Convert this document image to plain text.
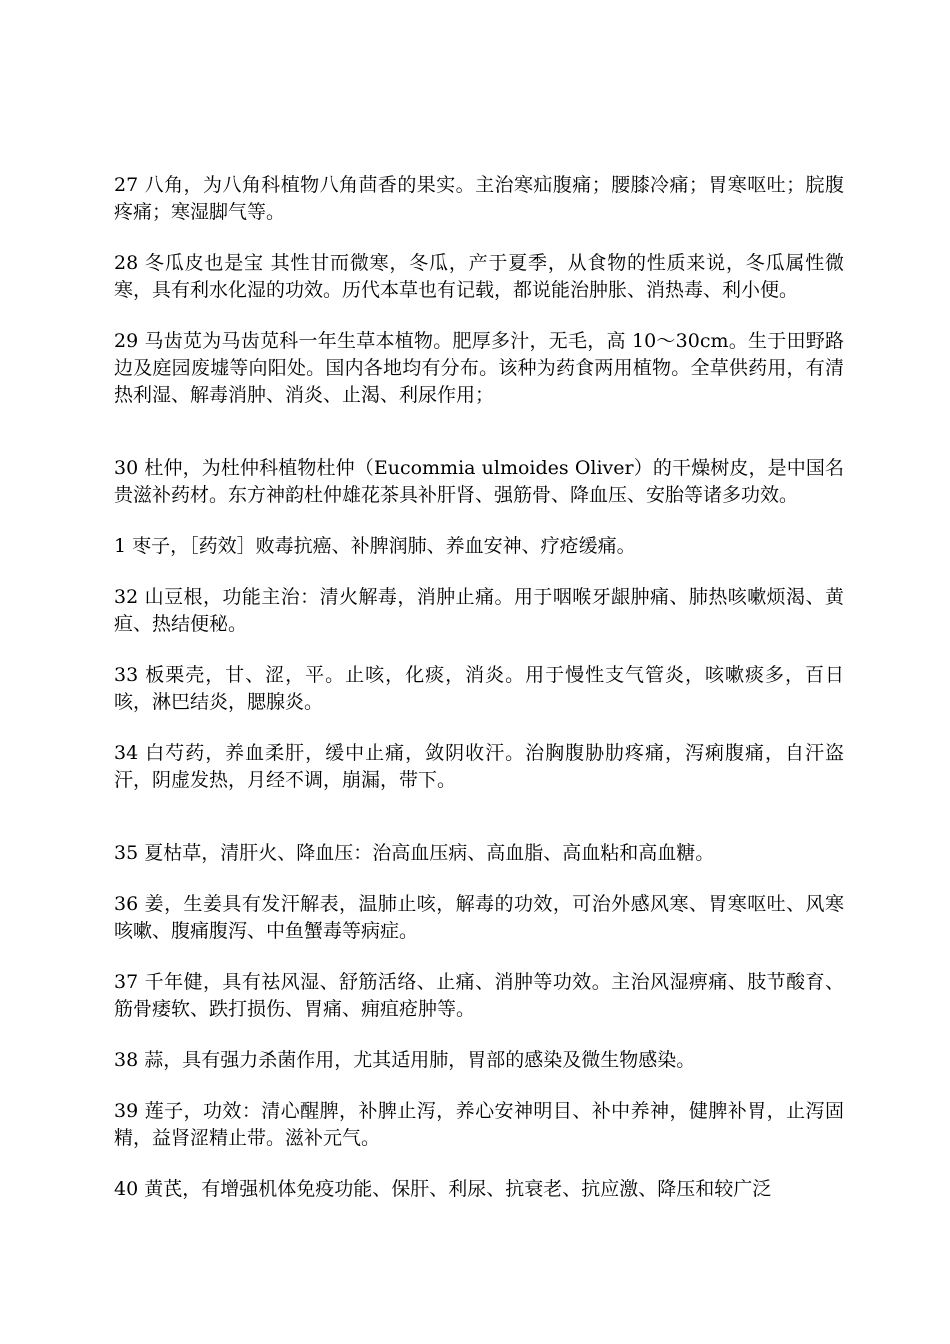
27 八角，为八角科植物八角茴香的果实。主治寒疝腹痛；腰膝冷痛；胃寒呕吐；脘腹疼痛；寒湿脚气等。

28 冬瓜皮也是宝 其性甘而微寒，冬瓜，产于夏季，从食物的性质来说，冬瓜属性微寒，具有利水化湿的功效。历代本草也有记载，都说能治肿胀、消热毒、利小便。

29 马齿苋为马齿苋科一年生草本植物。肥厚多汁，无毛，高 10～30cm。生于田野路边及庭园废墟等向阳处。国内各地均有分布。该种为药食两用植物。全草供药用，有清热利湿、解毒消肿、消炎、止渴、利尿作用；

30 杜仲，为杜仲科植物杜仲（Eucommia ulmoides Oliver）的干燥树皮，是中国名贵滋补药材。东方神韵杜仲雄花茶具补肝肾、强筋骨、降血压、安胎等诸多功效。

1 枣子，［药效］败毒抗癌、补脾润肺、养血安神、疗疮缓痛。

32 山豆根，功能主治：清火解毒，消肿止痛。用于咽喉牙龈肿痛、肺热咳嗽烦渴、黄疸、热结便秘。

33 板栗壳，甘、涩，平。止咳，化痰，消炎。用于慢性支气管炎，咳嗽痰多，百日咳，淋巴结炎，腮腺炎。

34 白芍药，养血柔肝，缓中止痛，敛阴收汗。治胸腹胁肋疼痛，泻痢腹痛，自汗盗汗，阴虚发热，月经不调，崩漏，带下。

35 夏枯草，清肝火、降血压：治高血压病、高血脂、高血粘和高血糖。

36 姜，生姜具有发汗解表，温肺止咳，解毒的功效，可治外感风寒、胃寒呕吐、风寒咳嗽、腹痛腹泻、中鱼蟹毒等病症。

37 千年健，具有祛风湿、舒筋活络、止痛、消肿等功效。主治风湿痹痛、肢节酸育、筋骨痿软、跌打损伤、胃痛、痈疽疮肿等。

38 蒜，具有强力杀菌作用，尤其适用肺，胃部的感染及微生物感染。

39 莲子，功效：清心醒脾，补脾止泻，养心安神明目、补中养神，健脾补胃，止泻固精，益肾涩精止带。滋补元气。

40 黄芪，有增强机体免疫功能、保肝、利尿、抗衰老、抗应激、降压和较广泛
